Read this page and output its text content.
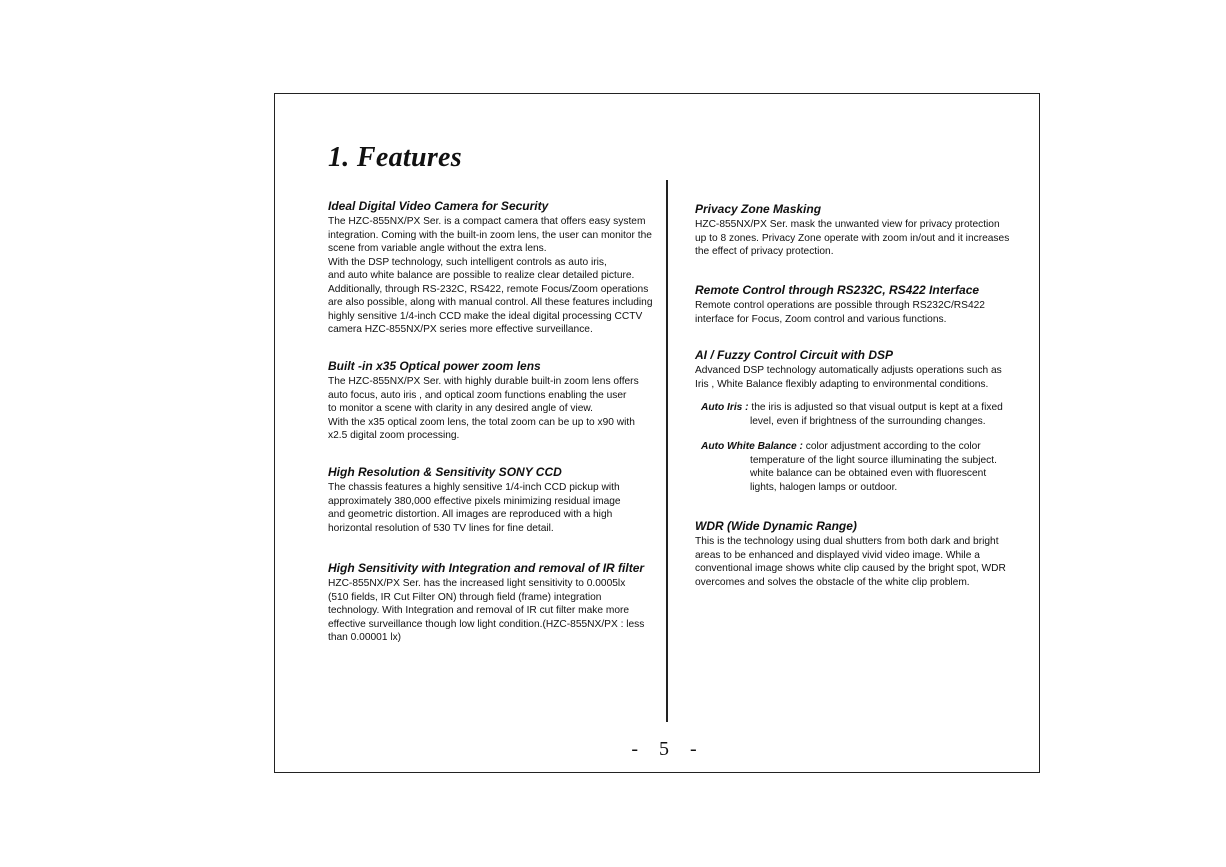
1. Features
Ideal Digital Video Camera for Security

The HZC-855NX/PX Ser. is a compact camera that offers easy system
integration. Coming with the built-in zoom lens, the user can monitor the
scene from variable angle without the extra lens.
With the DSP technology, such intelligent controls as auto iris,
and auto white balance are possible to realize clear detailed picture.
Additionally, through RS-232C, RS422, remote Focus/Zoom operations
are also possible, along with manual control. All these features including
highly sensitive 1/4-inch CCD make the ideal digital processing CCTV
camera HZC-855NX/PX series more effective surveillance.

Built -in x35 Optical power zoom lens

The HZC-855NX/PX Ser. with highly durable built-in zoom lens offers
auto focus, auto iris , and optical zoom functions enabling the user
to monitor a scene with clarity in any desired angle of view.
With the x35 optical zoom lens, the total zoom can be up to x90 with
x2.5 digital zoom processing.

High Resolution & Sensitivity SONY CCD

The chassis features a highly sensitive 1/4-inch CCD pickup with
approximately 380,000 effective pixels minimizing residual image
and geometric distortion. All images are reproduced with a high
horizontal resolution of 530 TV lines for fine detail.

High Sensitivity with Integration and removal of IR filter

HZC-855NX/PX Ser. has the increased light sensitivity to 0.0005lx
(510 fields, IR Cut Filter ON) through field (frame) integration
technology. With Integration and removal of IR cut filter make more
effective surveillance though low light condition.(HZC-855NX/PX : less
than 0.00001 lx)

Privacy Zone Masking

HZC-855NX/PX Ser. mask the unwanted view for privacy protection
up to 8 zones. Privacy Zone operate with zoom in/out and it increases
the effect of privacy protection.

Remote Control through RS232C, RS422 Interface

Remote control operations are possible through RS232C/RS422
interface for Focus, Zoom control and various functions.

AI / Fuzzy Control Circuit with DSP

Advanced DSP technology automatically adjusts operations such as
Iris , White Balance flexibly adapting to environmental conditions.

Auto Iris : the iris is adjusted so that visual output is kept at a fixed
level, even if brightness of the surrounding changes.
Auto White Balance : color adjustment according to the color
temperature of the light source illuminating the subject.
white balance can be obtained even with fluorescent
lights, halogen lamps or outdoor.
WDR (Wide Dynamic Range)

This is the technology using dual shutters from both dark and bright
areas to be enhanced and displayed vivid video image. While a
conventional image shows white clip caused by the bright spot, WDR
overcomes and solves the obstacle of the white clip problem.

- 5 -
